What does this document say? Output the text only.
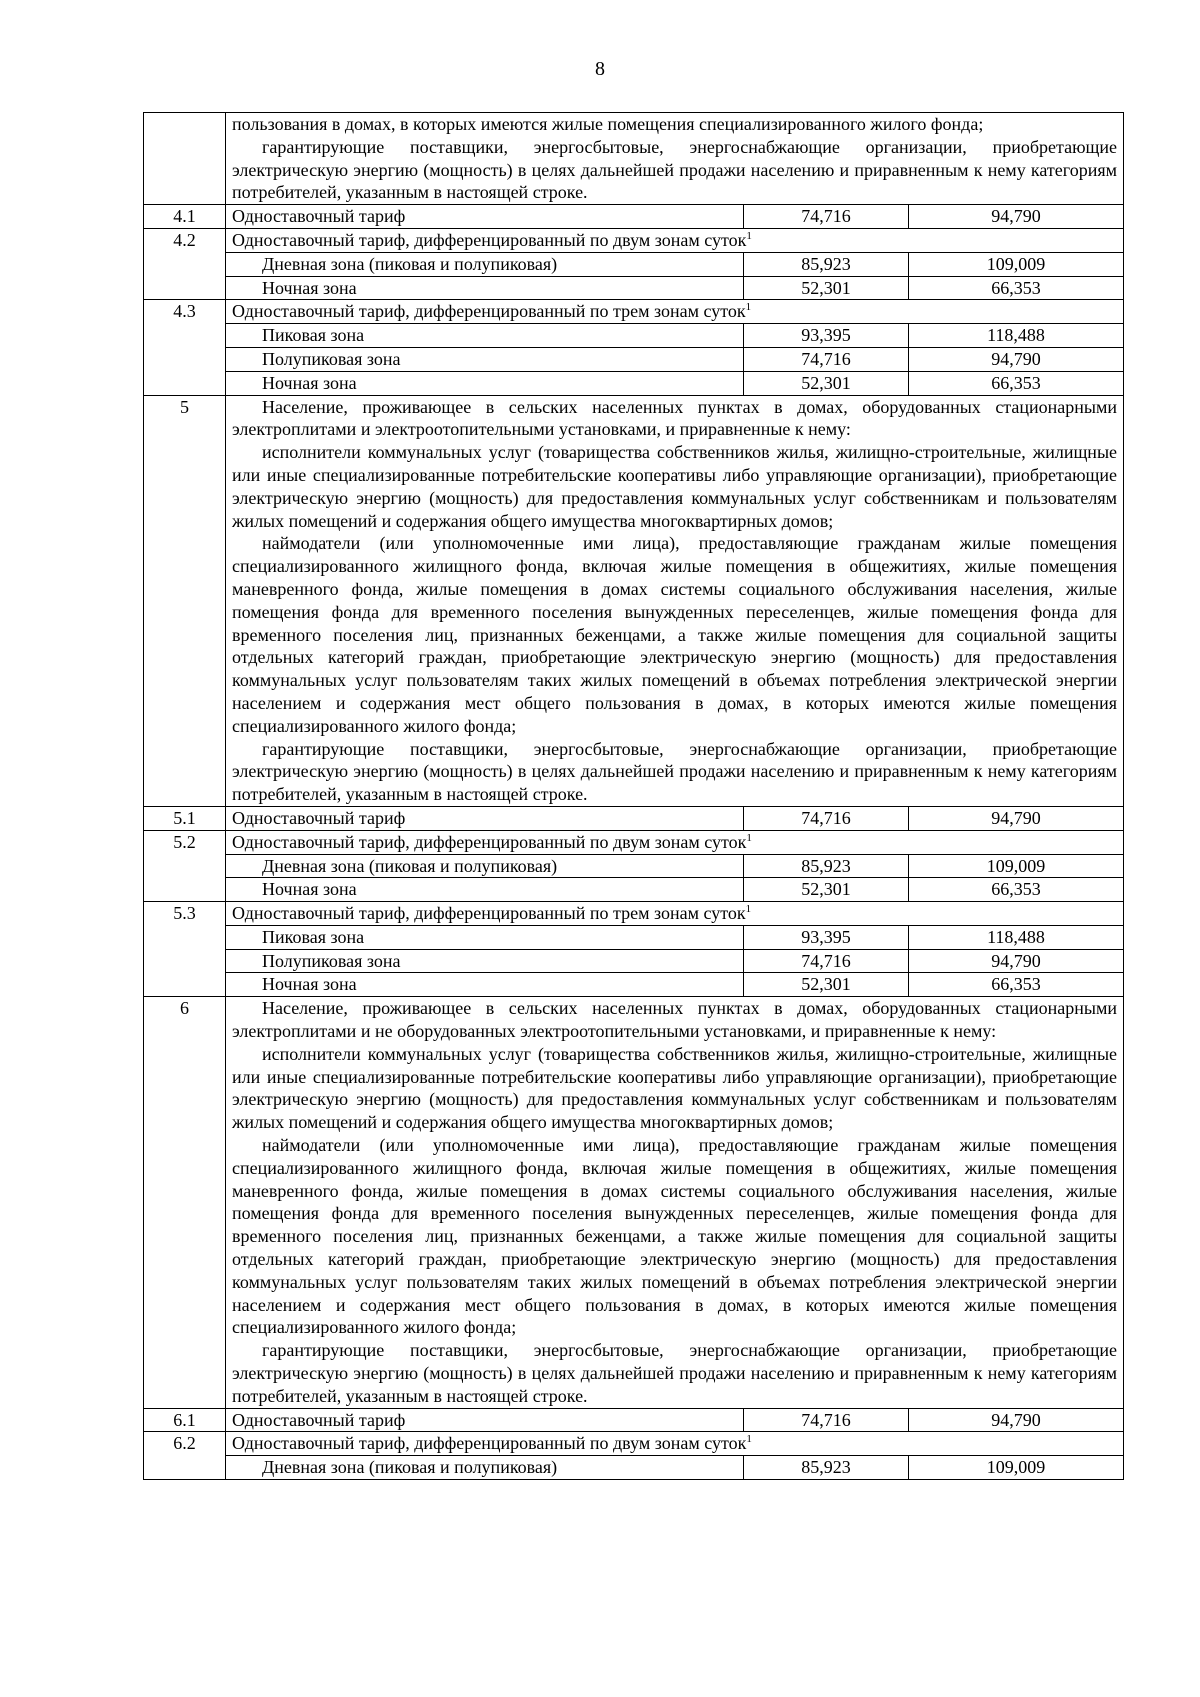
8

	пользования в домах, в которых имеются жилые помещения специализированного жилого фонда;

гарантирующие поставщики, энергосбытовые, энергоснабжающие организации, приобретающие электрическую энергию (мощность) в целях дальнейшей продажи населению и приравненным к нему категориям потребителей, указанным в настоящей строке.		

4.1	Одноставочный тариф	74,716	94,790
4.2	Одноставочный тариф, дифференцированный по двум зонам суток$^1$
	Дневная зона (пиковая и полупиковая)	85,923	109,009
	Ночная зона	52,301	66,353
4.3	Одноставочный тариф, дифференцированный по трем зонам суток$^1$
	Пиковая зона	93,395	118,488
	Полупиковая зона	74,716	94,790
	Ночная зона	52,301	66,353
5	Население, проживающее в сельских населенных пунктах в домах, оборудованных стационарными электроплитами и электроотопительными установками, и приравненные к нему:

исполнители коммунальных услуг (товарищества собственников жилья, жилищно-строительные, жилищные или иные специализированные потребительские кооперативы либо управляющие организации), приобретающие электрическую энергию (мощность) для предоставления коммунальных услуг собственникам и пользователям жилых помещений и содержания общего имущества многоквартирных домов;

наймодатели (или уполномоченные ими лица), предоставляющие гражданам жилые помещения специализированного жилищного фонда, включая жилые помещения в общежитиях, жилые помещения маневренного фонда, жилые помещения в домах системы социального обслуживания населения, жилые помещения фонда для временного поселения вынужденных переселенцев, жилые помещения фонда для временного поселения лиц, признанных беженцами, а также жилые помещения для социальной защиты отдельных категорий граждан, приобретающие электрическую энергию (мощность) для предоставления коммунальных услуг пользователям таких жилых помещений в объемах потребления электрической энергии населением и содержания мест общего пользования в домах, в которых имеются жилые помещения специализированного жилого фонда;

гарантирующие поставщики, энергосбытовые, энергоснабжающие организации, приобретающие электрическую энергию (мощность) в целях дальнейшей продажи населению и приравненным к нему категориям потребителей, указанным в настоящей строке.		

5.1	Одноставочный тариф	74,716	94,790
5.2	Одноставочный тариф, дифференцированный по двум зонам суток$^1$
	Дневная зона (пиковая и полупиковая)	85,923	109,009
	Ночная зона	52,301	66,353
5.3	Одноставочный тариф, дифференцированный по трем зонам суток$^1$
	Пиковая зона	93,395	118,488
	Полупиковая зона	74,716	94,790
	Ночная зона	52,301	66,353
6	Население, проживающее в сельских населенных пунктах в домах, оборудованных стационарными электроплитами и не оборудованных электроотопительными установками, и приравненные к нему:

исполнители коммунальных услуг (товарищества собственников жилья, жилищно-строительные, жилищные или иные специализированные потребительские кооперативы либо управляющие организации), приобретающие электрическую энергию (мощность) для предоставления коммунальных услуг собственникам и пользователям жилых помещений и содержания общего имущества многоквартирных домов;

наймодатели (или уполномоченные ими лица), предоставляющие гражданам жилые помещения специализированного жилищного фонда, включая жилые помещения в общежитиях, жилые помещения маневренного фонда, жилые помещения в домах системы социального обслуживания населения, жилые помещения фонда для временного поселения вынужденных переселенцев, жилые помещения фонда для временного поселения лиц, признанных беженцами, а также жилые помещения для социальной защиты отдельных категорий граждан, приобретающие электрическую энергию (мощность) для предоставления коммунальных услуг пользователям таких жилых помещений в объемах потребления электрической энергии населением и содержания мест общего пользования в домах, в которых имеются жилые помещения специализированного жилого фонда;

гарантирующие поставщики, энергосбытовые, энергоснабжающие организации, приобретающие электрическую энергию (мощность) в целях дальнейшей продажи населению и приравненным к нему категориям потребителей, указанным в настоящей строке.		

6.1	Одноставочный тариф	74,716	94,790
6.2	Одноставочный тариф, дифференцированный по двум зонам суток$^1$
	Дневная зона (пиковая и полупиковая)	85,923	109,009
